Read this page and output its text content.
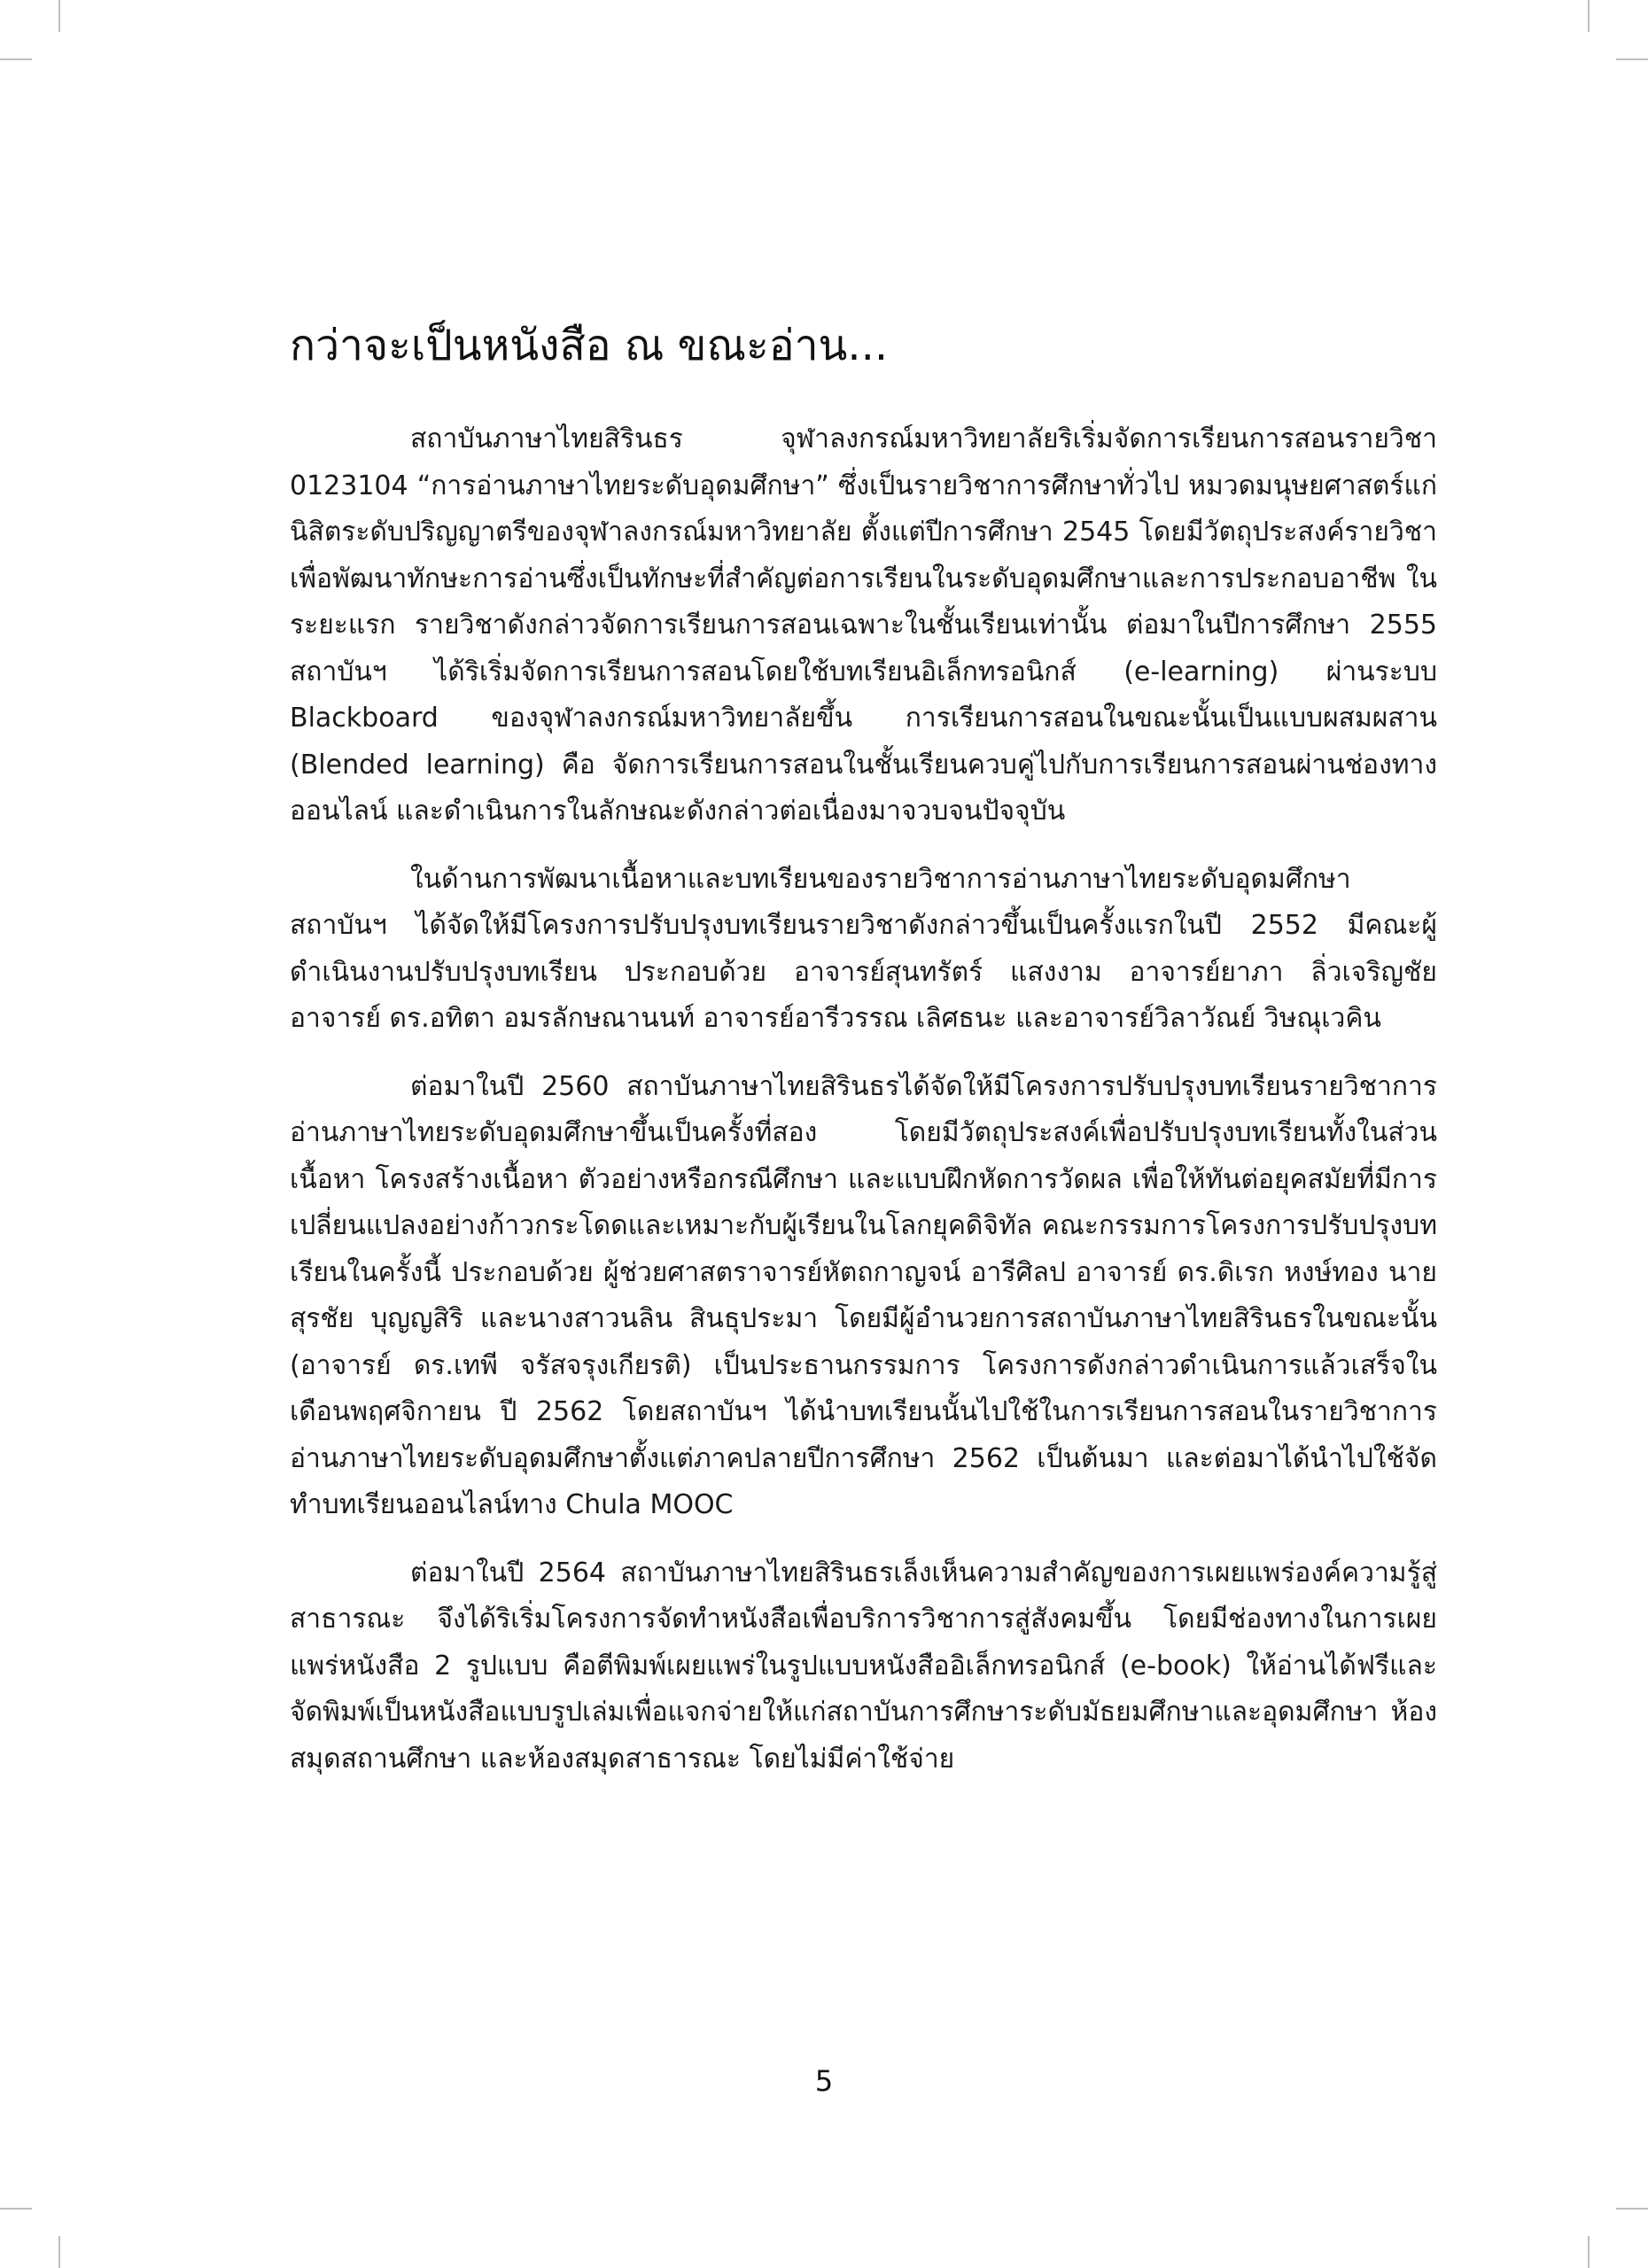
กว่าจะเป็นหนังสือ ณ ขณะอ่าน...

สถาบันภาษาไทยสิรินธร จุฬาลงกรณ์มหาวิทยาลัยริเริ่มจัดการเรียนการสอนรายวิชา 0123104 “การอ่านภาษาไทยระดับอุดมศึกษา” ซึ่งเป็นรายวิชาการศึกษาทั่วไป หมวดมนุษยศาสตร์แก่นิสิตระดับปริญญาตรีของจุฬาลงกรณ์มหาวิทยาลัย ตั้งแต่ปีการศึกษา 2545 โดยมีวัตถุประสงค์รายวิชาเพื่อพัฒนาทักษะการอ่านซึ่งเป็นทักษะที่สำคัญต่อการเรียนในระดับอุดมศึกษาและการประกอบอาชีพ ในระยะแรก รายวิชาดังกล่าวจัดการเรียนการสอนเฉพาะในชั้นเรียนเท่านั้น ต่อมาในปีการศึกษา 2555 สถาบันฯ ได้ริเริ่มจัดการเรียนการสอนโดยใช้บทเรียนอิเล็กทรอนิกส์ (e-learning) ผ่านระบบ Blackboard ของจุฬาลงกรณ์มหาวิทยาลัยขึ้น การเรียนการสอนในขณะนั้นเป็นแบบผสมผสาน (Blended learning) คือ จัดการเรียนการสอนในชั้นเรียนควบคู่ไปกับการเรียนการสอนผ่านช่องทางออนไลน์ และดำเนินการในลักษณะดังกล่าวต่อเนื่องมาจวบจนปัจจุบัน

ในด้านการพัฒนาเนื้อหาและบทเรียนของรายวิชาการอ่านภาษาไทยระดับอุดมศึกษา สถาบันฯ ได้จัดให้มีโครงการปรับปรุงบทเรียนรายวิชาดังกล่าวขึ้นเป็นครั้งแรกในปี 2552 มีคณะผู้ดำเนินงานปรับปรุงบทเรียน ประกอบด้วย อาจารย์สุนทรัตร์ แสงงาม อาจารย์ยาภา ลิ่วเจริญชัย อาจารย์ ดร.อทิตา อมรลักษณานนท์ อาจารย์อารีวรรณ เลิศธนะ และอาจารย์วิลาวัณย์ วิษณุเวคิน

ต่อมาในปี 2560 สถาบันภาษาไทยสิรินธรได้จัดให้มีโครงการปรับปรุงบทเรียนรายวิชาการอ่านภาษาไทยระดับอุดมศึกษาขึ้นเป็นครั้งที่สอง โดยมีวัตถุประสงค์เพื่อปรับปรุงบทเรียนทั้งในส่วนเนื้อหา โครงสร้างเนื้อหา ตัวอย่างหรือกรณีศึกษา และแบบฝึกหัดการวัดผล เพื่อให้ทันต่อยุคสมัยที่มีการเปลี่ยนแปลงอย่างก้าวกระโดดและเหมาะกับผู้เรียนในโลกยุคดิจิทัล คณะกรรมการโครงการปรับปรุงบทเรียนในครั้งนี้ ประกอบด้วย ผู้ช่วยศาสตราจารย์หัตถกาญจน์ อารีศิลป อาจารย์ ดร.ดิเรก หงษ์ทอง นายสุรชัย บุญญสิริ และนางสาวนลิน สินธุประมา โดยมีผู้อำนวยการสถาบันภาษาไทยสิรินธรในขณะนั้น (อาจารย์ ดร.เทพี จรัสจรุงเกียรติ) เป็นประธานกรรมการ โครงการดังกล่าวดำเนินการแล้วเสร็จในเดือนพฤศจิกายน ปี 2562 โดยสถาบันฯ ได้นำบทเรียนนั้นไปใช้ในการเรียนการสอนในรายวิชาการอ่านภาษาไทยระดับอุดมศึกษาตั้งแต่ภาคปลายปีการศึกษา 2562 เป็นต้นมา และต่อมาได้นำไปใช้จัดทำบทเรียนออนไลน์ทาง Chula MOOC

ต่อมาในปี 2564 สถาบันภาษาไทยสิรินธรเล็งเห็นความสำคัญของการเผยแพร่องค์ความรู้สู่สาธารณะ จึงได้ริเริ่มโครงการจัดทำหนังสือเพื่อบริการวิชาการสู่สังคมขึ้น โดยมีช่องทางในการเผยแพร่หนังสือ 2 รูปแบบ คือตีพิมพ์เผยแพร่ในรูปแบบหนังสืออิเล็กทรอนิกส์ (e-book) ให้อ่านได้ฟรีและจัดพิมพ์เป็นหนังสือแบบรูปเล่มเพื่อแจกจ่ายให้แก่สถาบันการศึกษาระดับมัธยมศึกษาและอุดมศึกษา ห้องสมุดสถานศึกษา และห้องสมุดสาธารณะ โดยไม่มีค่าใช้จ่าย

5
